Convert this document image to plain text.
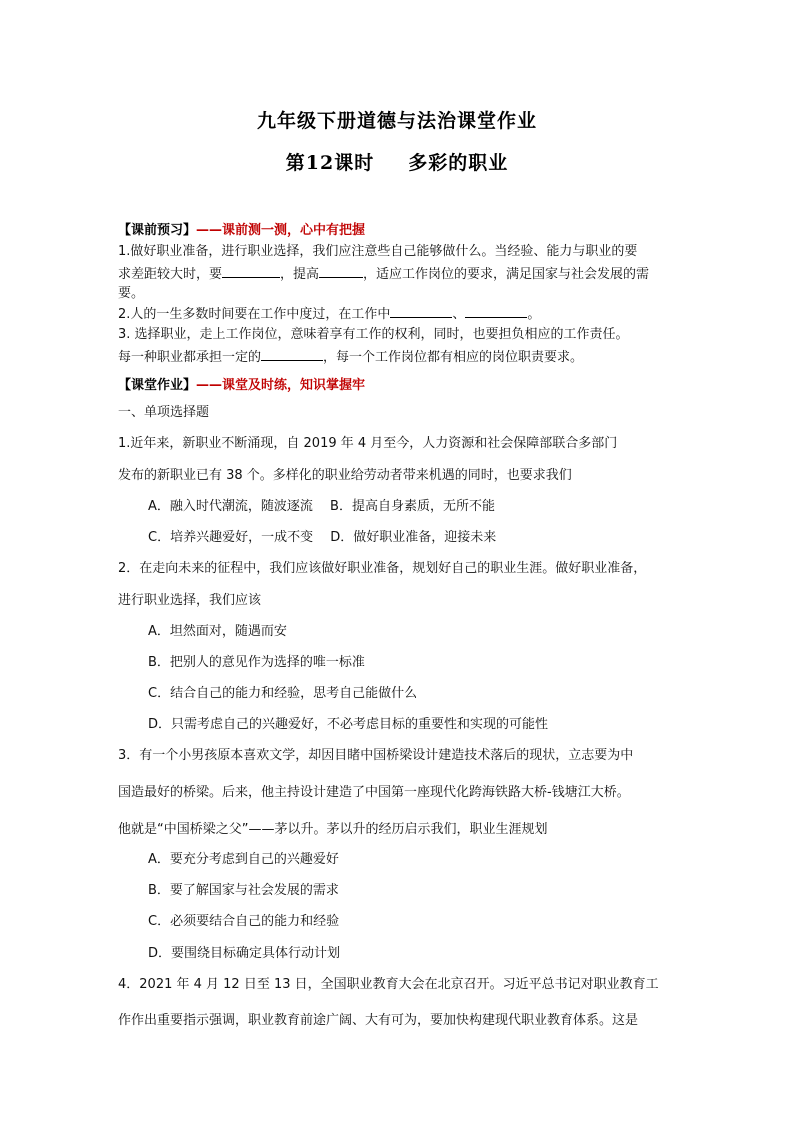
九年级下册道德与法治课堂作业
第12课时 多彩的职业
【课前预习】——课前测一测，心中有把握
1.做好职业准备，进行职业选择，我们应注意些自己能够做什么。当经验、能力与职业的要
求差距较大时，要	，提高	，适应工作岗位的要求，满足国家与社会发展的需
要。
2.人的一生多数时间要在工作中度过，在工作中	、	。
3. 选择职业，走上工作岗位，意味着享有工作的权利，同时，也要担负相应的工作责任。
每一种职业都承担一定的	，每一个工作岗位都有相应的岗位职责要求。
【课堂作业】——课堂及时练，知识掌握牢
一、单项选择题
1.近年来，新职业不断涌现，自 2019 年 4 月至今，人力资源和社会保障部联合多部门
发布的新职业已有 38 个。多样化的职业给劳动者带来机遇的同时，也要求我们
A．融入时代潮流，随波逐流　 B．提高自身素质，无所不能
C．培养兴趣爱好，一成不变　 D．做好职业准备，迎接未来
2．在走向未来的征程中，我们应该做好职业准备，规划好自己的职业生涯。做好职业准备，
进行职业选择，我们应该
A．坦然面对，随遇而安
B．把别人的意见作为选择的唯一标准
C．结合自己的能力和经验，思考自己能做什么
D．只需考虑自己的兴趣爱好，不必考虑目标的重要性和实现的可能性
3．有一个小男孩原本喜欢文学，却因目睹中国桥梁设计建造技术落后的现状，立志要为中
国造最好的桥梁。后来，他主持设计建造了中国第一座现代化跨海铁路大桥-钱塘江大桥。
他就是“中国桥梁之父”——茅以升。茅以升的经历启示我们，职业生涯规划
A．要充分考虑到自己的兴趣爱好
B．要了解国家与社会发展的需求
C．必须要结合自己的能力和经验
D．要围绕目标确定具体行动计划
4．2021 年 4 月 12 日至 13 日，全国职业教育大会在北京召开。习近平总书记对职业教育工
作作出重要指示强调，职业教育前途广阔、大有可为，要加快构建现代职业教育体系。这是
